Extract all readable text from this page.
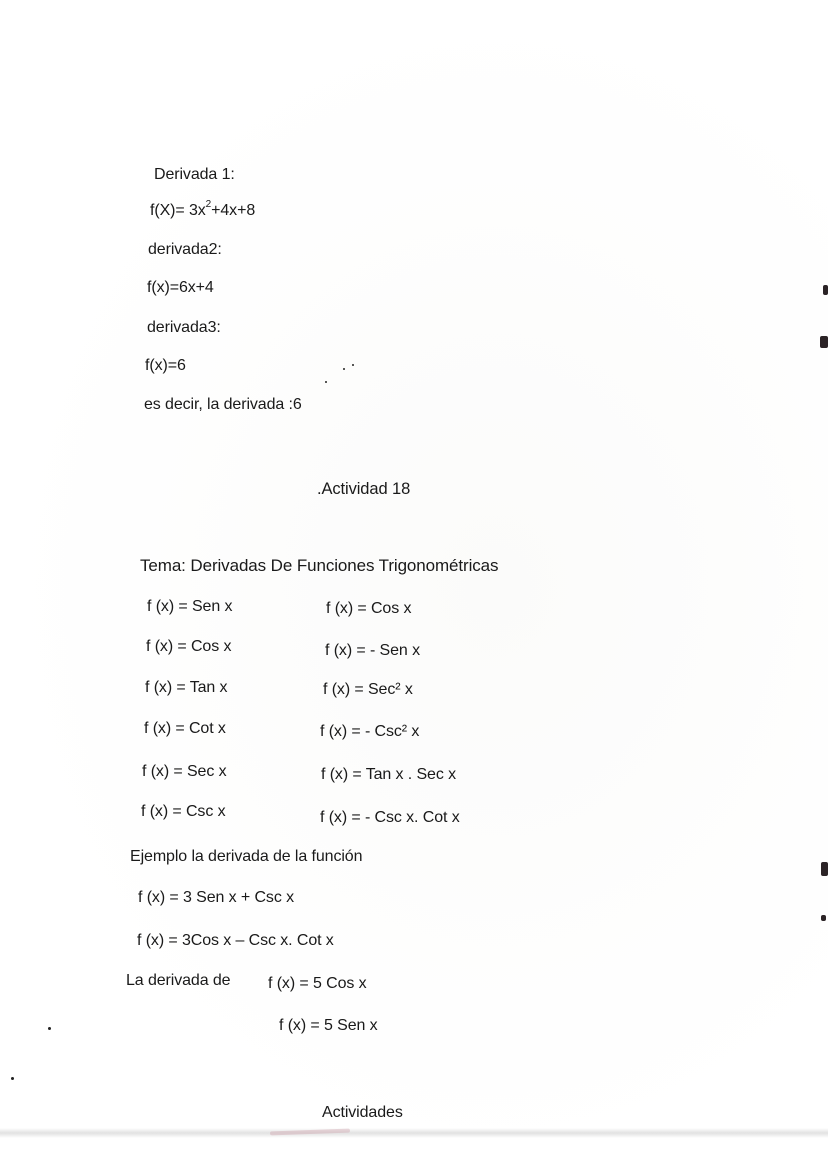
Derivada 1:
$f(X)= 3x^2+4x+8$
derivada2:
f(x)=6x+4
derivada3:
f(x)=6
es decir, la derivada :6
.Actividad 18
Tema: Derivadas De Funciones Trigonométricas
f (x) = Sen x	f (x) = Cos x
f (x) = Cos x	f (x) = - Sen x
f (x) = Tan x	f (x) = Sec² x
f (x) = Cot x	f (x) = - Csc² x
f (x) = Sec x	f (x) = Tan x . Sec x
f (x) = Csc x	f (x) = - Csc x. Cot x
Ejemplo la derivada de la función
f (x) = 3 Sen x + Csc x
f (x) = 3Cos x – Csc x. Cot x
La derivada de f (x) = 5 Cos x
f (x) = 5 Sen x
Actividades
